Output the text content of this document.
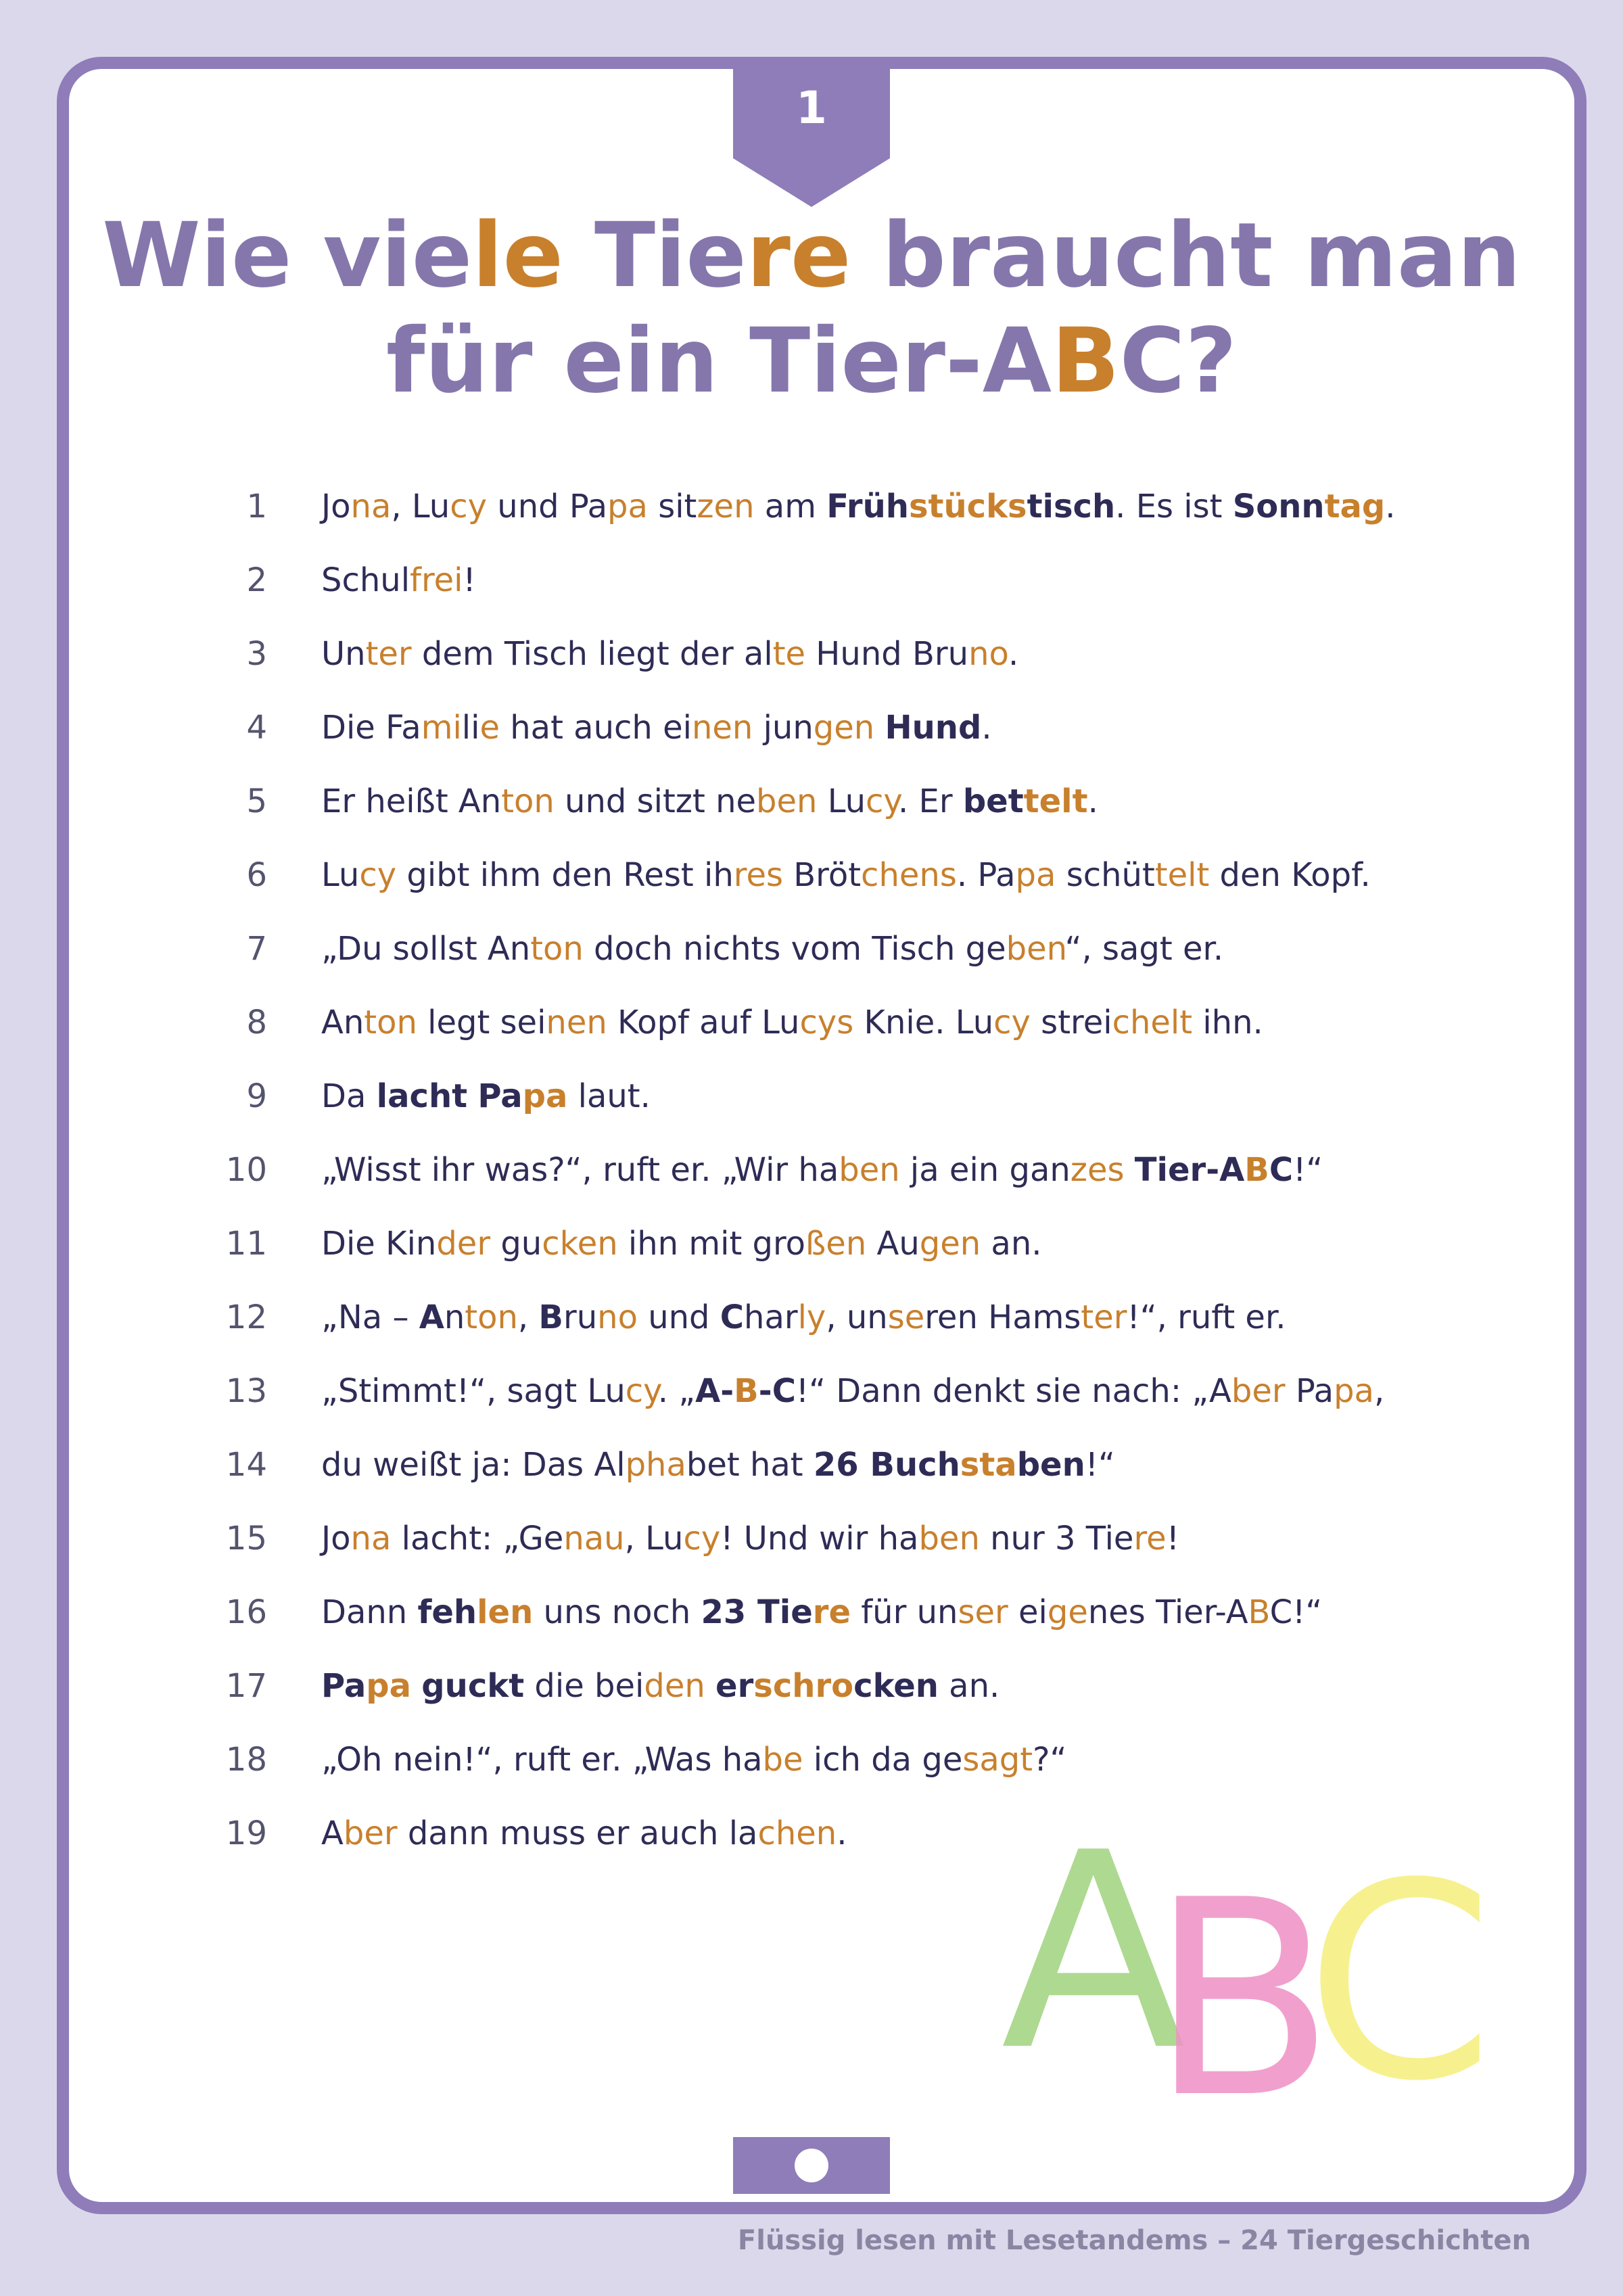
1
Wie viele Tiere braucht man
für ein Tier-ABC?
1 Jona, Lucy und Papa sitzen am Frühstückstisch. Es ist Sonntag.
2 Schulfrei!
3 Unter dem Tisch liegt der alte Hund Bruno.
4 Die Familie hat auch einen jungen Hund.
5 Er heißt Anton und sitzt neben Lucy. Er bettelt.
6 Lucy gibt ihm den Rest ihres Brötchens. Papa schüttelt den Kopf.
7 „Du sollst Anton doch nichts vom Tisch geben“, sagt er.
8 Anton legt seinen Kopf auf Lucys Knie. Lucy streichelt ihn.
9 Da lacht Papa laut.
10 „Wisst ihr was?“, ruft er. „Wir haben ja ein ganzes Tier-ABC!“
11 Die Kinder gucken ihn mit großen Augen an.
12 „Na – Anton, Bruno und Charly, unseren Hamster!“, ruft er.
13 „Stimmt!“, sagt Lucy. „A-B-C!“ Dann denkt sie nach: „Aber Papa,
14 du weißt ja: Das Alphabet hat 26 Buchstaben!“
15 Jona lacht: „Genau, Lucy! Und wir haben nur 3 Tiere!
16 Dann fehlen uns noch 23 Tiere für unser eigenes Tier-ABC!“
17 Papa guckt die beiden erschrocken an.
18 „Oh nein!“, ruft er. „Was habe ich da gesagt?“
19 Aber dann muss er auch lachen. A
B
C
Flüssig lesen mit Lesetandems – 24 Tiergeschichten
